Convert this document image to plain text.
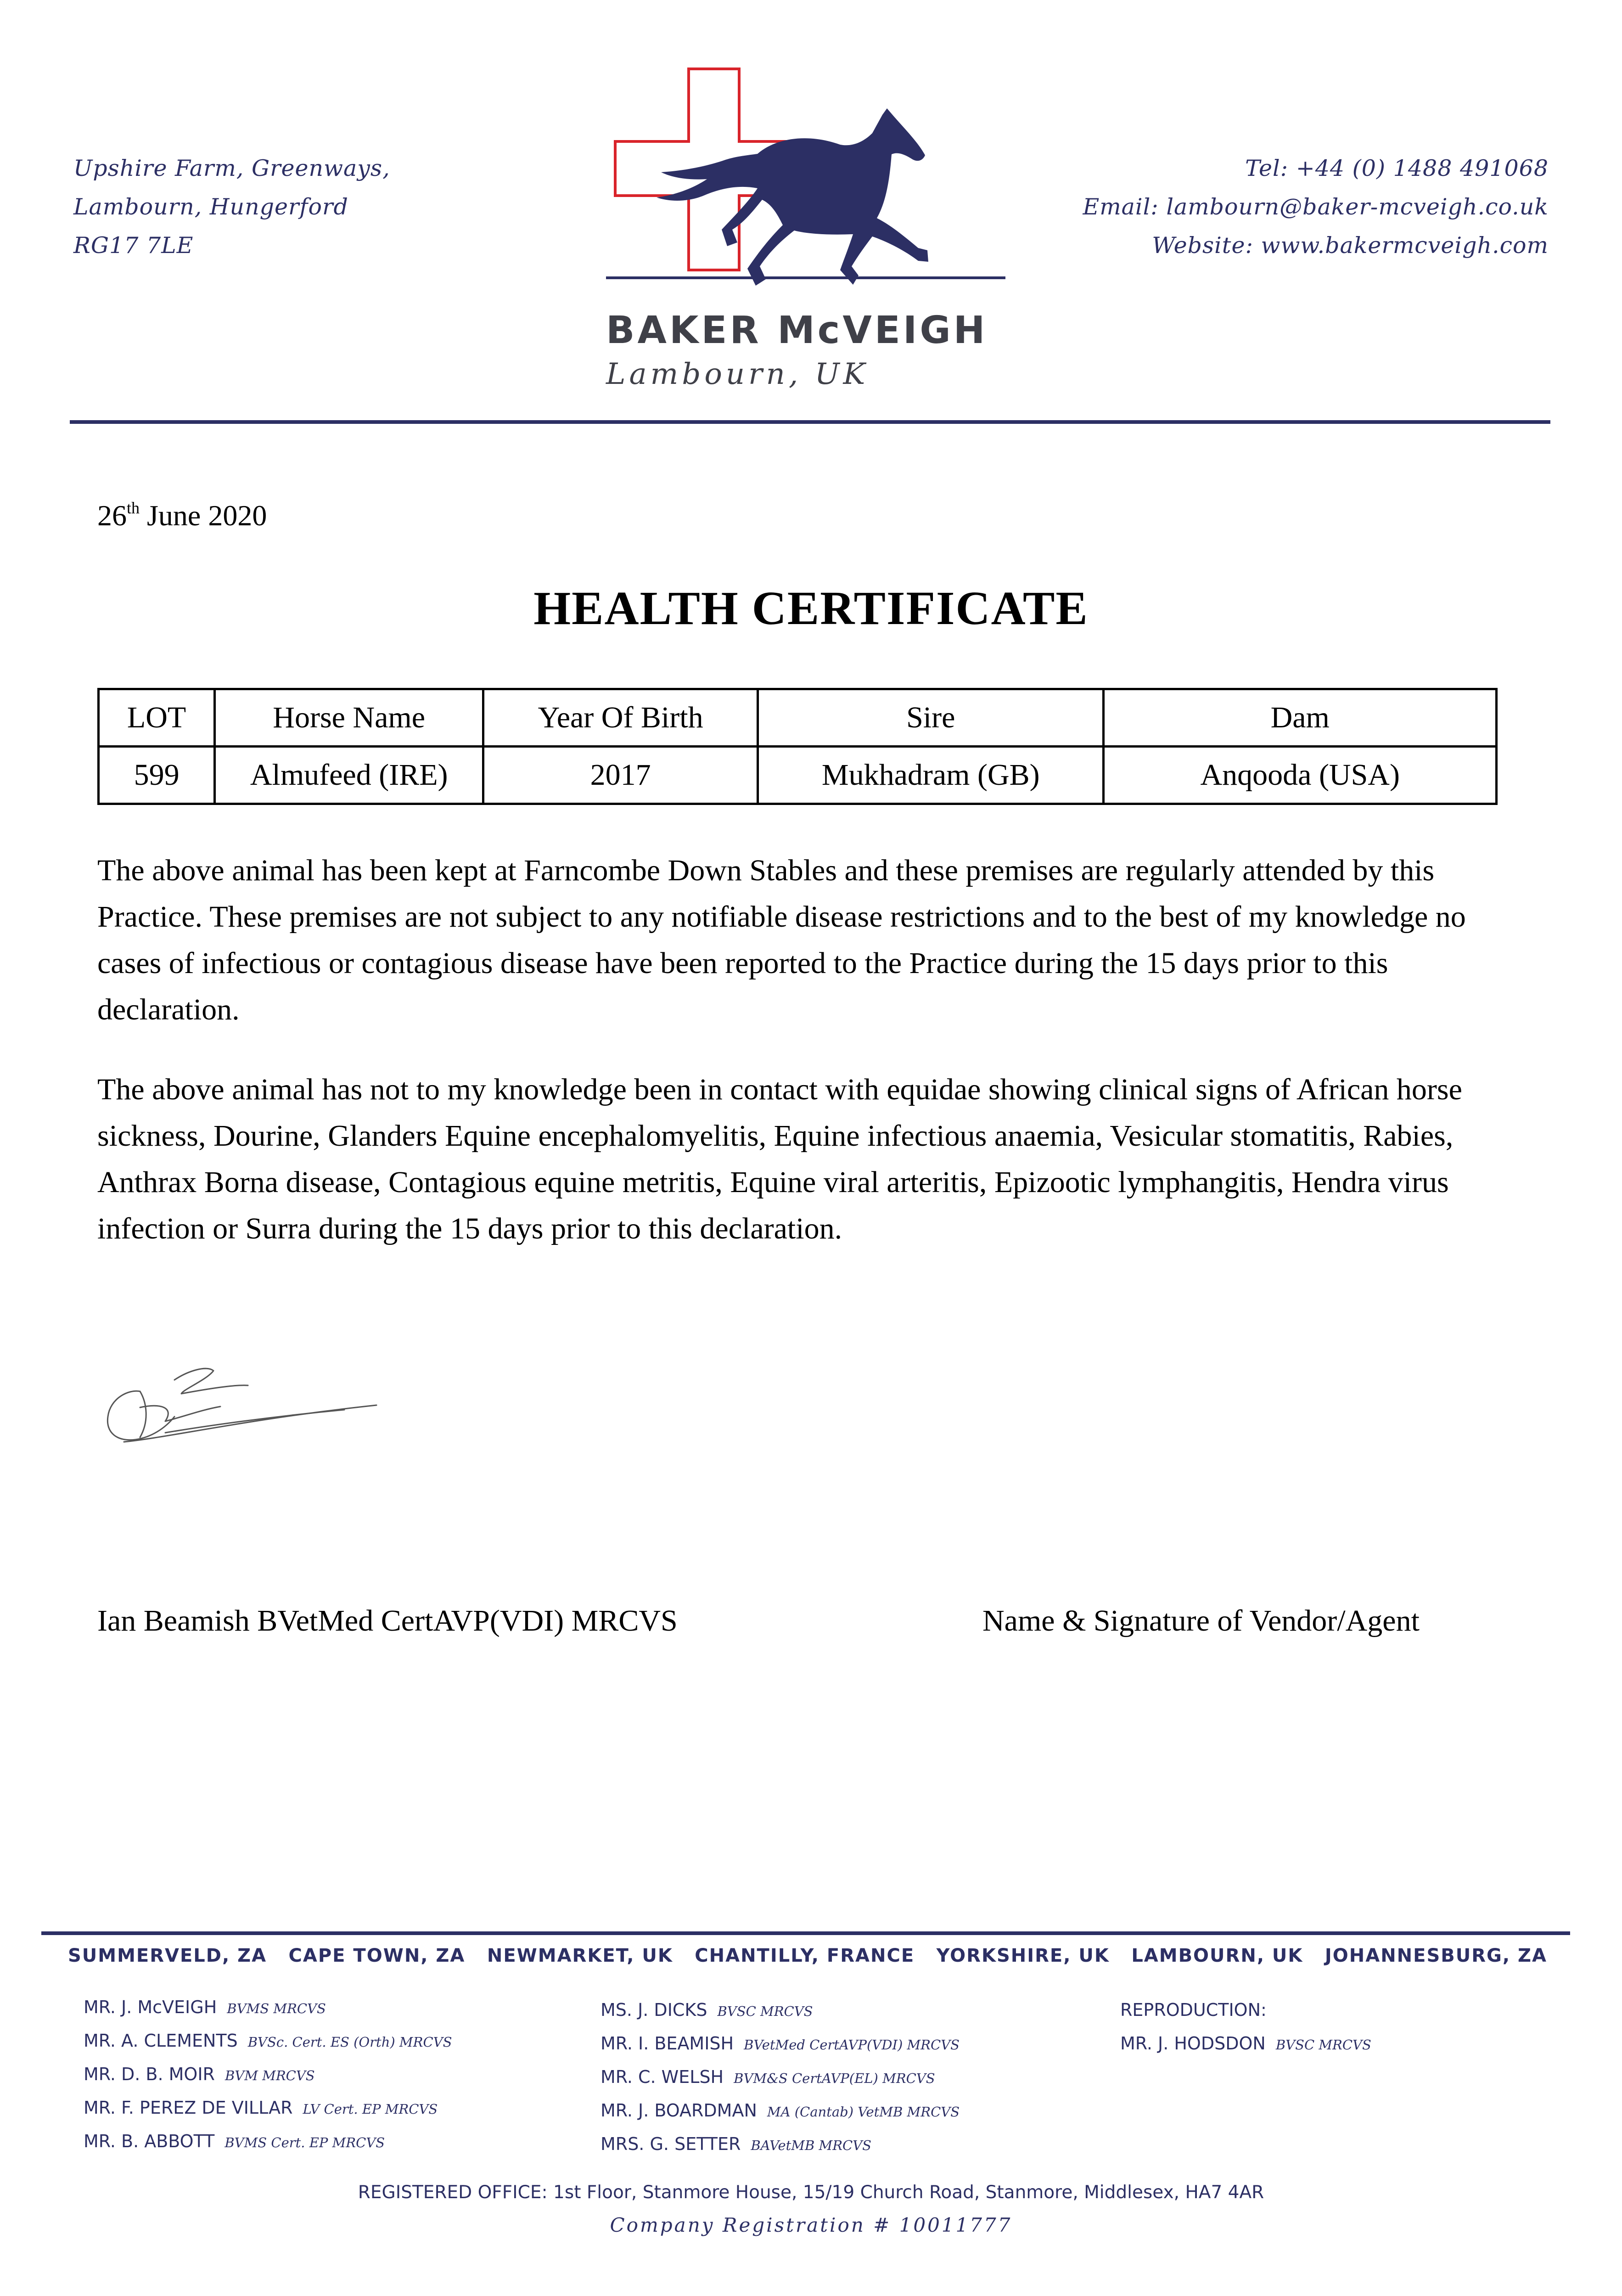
Upshire Farm, Greenways,
Lambourn, Hungerford
RG17 7LE
Tel: +44 (0) 1488 491068
Email: lambourn@baker-mcveigh.co.uk
Website: www.bakermcveigh.com
BAKER McVEIGH
Lambourn, UK
26th June 2020
HEALTH CERTIFICATE
LOT	Horse Name	Year Of Birth	Sire	Dam
599	Almufeed (IRE)	2017	Mukhadram (GB)	Anqooda (USA)
The above animal has been kept at Farncombe Down Stables and these premises are regularly attended by this Practice. These premises are not subject to any notifiable disease restrictions and to the best of my knowledge no cases of infectious or contagious disease have been reported to the Practice during the 15 days prior to this declaration.
The above animal has not to my knowledge been in contact with equidae showing clinical signs of African horse sickness, Dourine, Glanders Equine encephalomyelitis, Equine infectious anaemia, Vesicular stomatitis, Rabies, Anthrax Borna disease, Contagious equine metritis, Equine viral arteritis, Epizootic lymphangitis, Hendra virus infection or Surra during the 15 days prior to this declaration.
Ian Beamish BVetMed CertAVP(VDI) MRCVS	Name & Signature of Vendor/Agent
SUMMERVELD, ZA CAPE TOWN, ZA NEWMARKET, UK CHANTILLY, FRANCE YORKSHIRE, UK LAMBOURN, UK JOHANNESBURG, ZA
MR. J. McVEIGH BVMS MRCVS
MR. A. CLEMENTS BVSc. Cert. ES (Orth) MRCVS
MR. D. B. MOIR BVM MRCVS
MR. F. PEREZ DE VILLAR LV Cert. EP MRCVS
MR. B. ABBOTT BVMS Cert. EP MRCVS
MS. J. DICKS BVSC MRCVS
MR. I. BEAMISH BVetMed CertAVP(VDI) MRCVS
MR. C. WELSH BVM&S CertAVP(EL) MRCVS
MR. J. BOARDMAN MA (Cantab) VetMB MRCVS
MRS. G. SETTER BAVetMB MRCVS
REPRODUCTION:
MR. J. HODSDON BVSC MRCVS
REGISTERED OFFICE: 1st Floor, Stanmore House, 15/19 Church Road, Stanmore, Middlesex, HA7 4AR
Company Registration # 10011777
